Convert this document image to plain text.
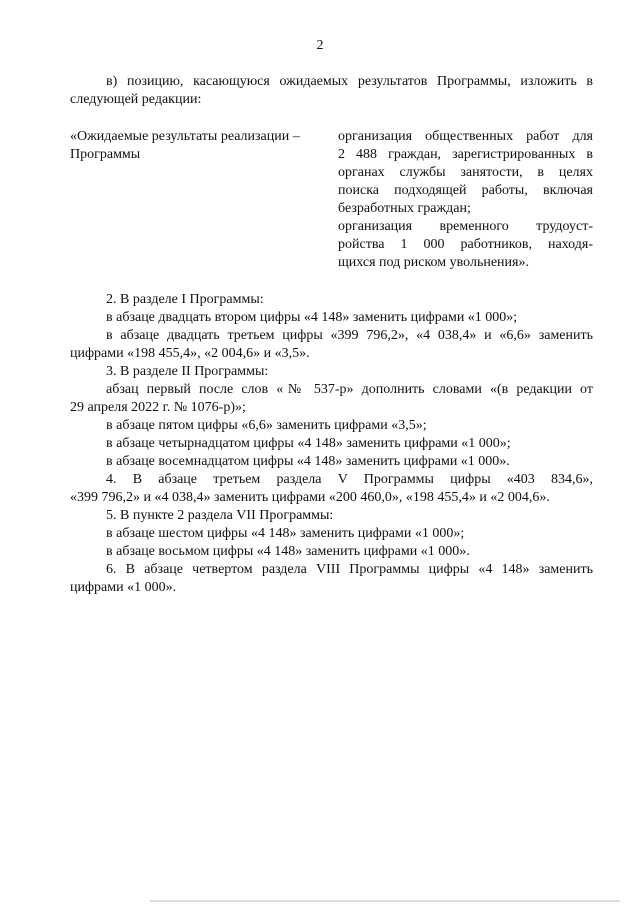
2
в) позицию, касающуюся ожидаемых результатов Программы, изложить в
следующей редакции:
«Ожидаемые результаты реализации –
Программы
организация общественных работ для
2 488 граждан, зарегистрированных в
органах службы занятости, в целях
поиска подходящей работы, включая
безработных граждан;
организация временного трудоуст-
ройства 1 000 работников, находя-
щихся под риском увольнения».
2. В разделе I Программы:
в абзаце двадцать втором цифры «4 148» заменить цифрами «1 000»;
в абзаце двадцать третьем цифры «399 796,2», «4 038,4» и «6,6» заменить
цифрами «198 455,4», «2 004,6» и «3,5».
3. В разделе II Программы:
абзац первый после слов «№ 537-р» дополнить словами «(в редакции от
29 апреля 2022 г. № 1076-р)»;
в абзаце пятом цифры «6,6» заменить цифрами «3,5»;
в абзаце четырнадцатом цифры «4 148» заменить цифрами «1 000»;
в абзаце восемнадцатом цифры «4 148» заменить цифрами «1 000».
4. В абзаце третьем раздела V Программы цифры «403 834,6»,
«399 796,2» и «4 038,4» заменить цифрами «200 460,0», «198 455,4» и «2 004,6».
5. В пункте 2 раздела VII Программы:
в абзаце шестом цифры «4 148» заменить цифрами «1 000»;
в абзаце восьмом цифры «4 148» заменить цифрами «1 000».
6. В абзаце четвертом раздела VIII Программы цифры «4 148» заменить
цифрами «1 000».
